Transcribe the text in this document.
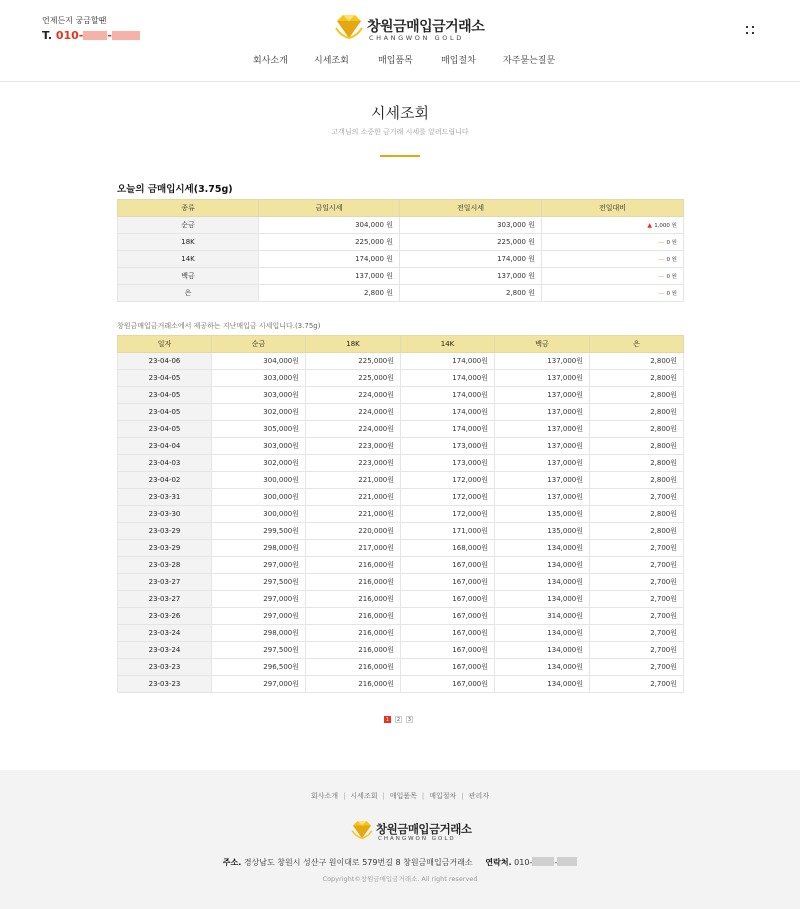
언제든지 궁금할땐
T. 010- -
창원금매입금거래소
CHANGWON GOLD
회사소개	시세조회	매입품목	매입절차	자주묻는질문
시세조회
고객님의 소중한 금거래 시세를 알려드립니다
오늘의 금매입시세(3.75g)
종류	금일시세	전일시세	전일대비
순금	304,000 원	303,000 원	▲ 1,000 원
18K	225,000 원	225,000 원	— 0 원
14K	174,000 원	174,000 원	— 0 원
백금	137,000 원	137,000 원	— 0 원
은	2,800 원	2,800 원	— 0 원
창원금매입금거래소에서 제공하는 지난매입금 시세입니다.(3.75g)
일자	순금	18K	14K	백금	은
23-04-06	304,000원	225,000원	174,000원	137,000원	2,800원
23-04-05	303,000원	225,000원	174,000원	137,000원	2,800원
23-04-05	303,000원	224,000원	174,000원	137,000원	2,800원
23-04-05	302,000원	224,000원	174,000원	137,000원	2,800원
23-04-05	305,000원	224,000원	174,000원	137,000원	2,800원
23-04-04	303,000원	223,000원	173,000원	137,000원	2,800원
23-04-03	302,000원	223,000원	173,000원	137,000원	2,800원
23-04-02	300,000원	221,000원	172,000원	137,000원	2,800원
23-03-31	300,000원	221,000원	172,000원	137,000원	2,700원
23-03-30	300,000원	221,000원	172,000원	135,000원	2,800원
23-03-29	299,500원	220,000원	171,000원	135,000원	2,800원
23-03-29	298,000원	217,000원	168,000원	134,000원	2,700원
23-03-28	297,000원	216,000원	167,000원	134,000원	2,700원
23-03-27	297,500원	216,000원	167,000원	134,000원	2,700원
23-03-27	297,000원	216,000원	167,000원	134,000원	2,700원
23-03-26	297,000원	216,000원	167,000원	314,000원	2,700원
23-03-24	298,000원	216,000원	167,000원	134,000원	2,700원
23-03-24	297,500원	216,000원	167,000원	134,000원	2,700원
23-03-23	296,500원	216,000원	167,000원	134,000원	2,700원
23-03-23	297,000원	216,000원	167,000원	134,000원	2,700원
1	2	3
회사소개 | 시세조회 | 매입품목 | 매입절차 | 관리자
창원금매입금거래소
CHANGWON GOLD
주소. 경상남도 창원시 성산구 원이대로 579번길 8 창원금매입금거래소 연락처. 010-	-
Copyright©창원금매입금거래소. All right reserved
